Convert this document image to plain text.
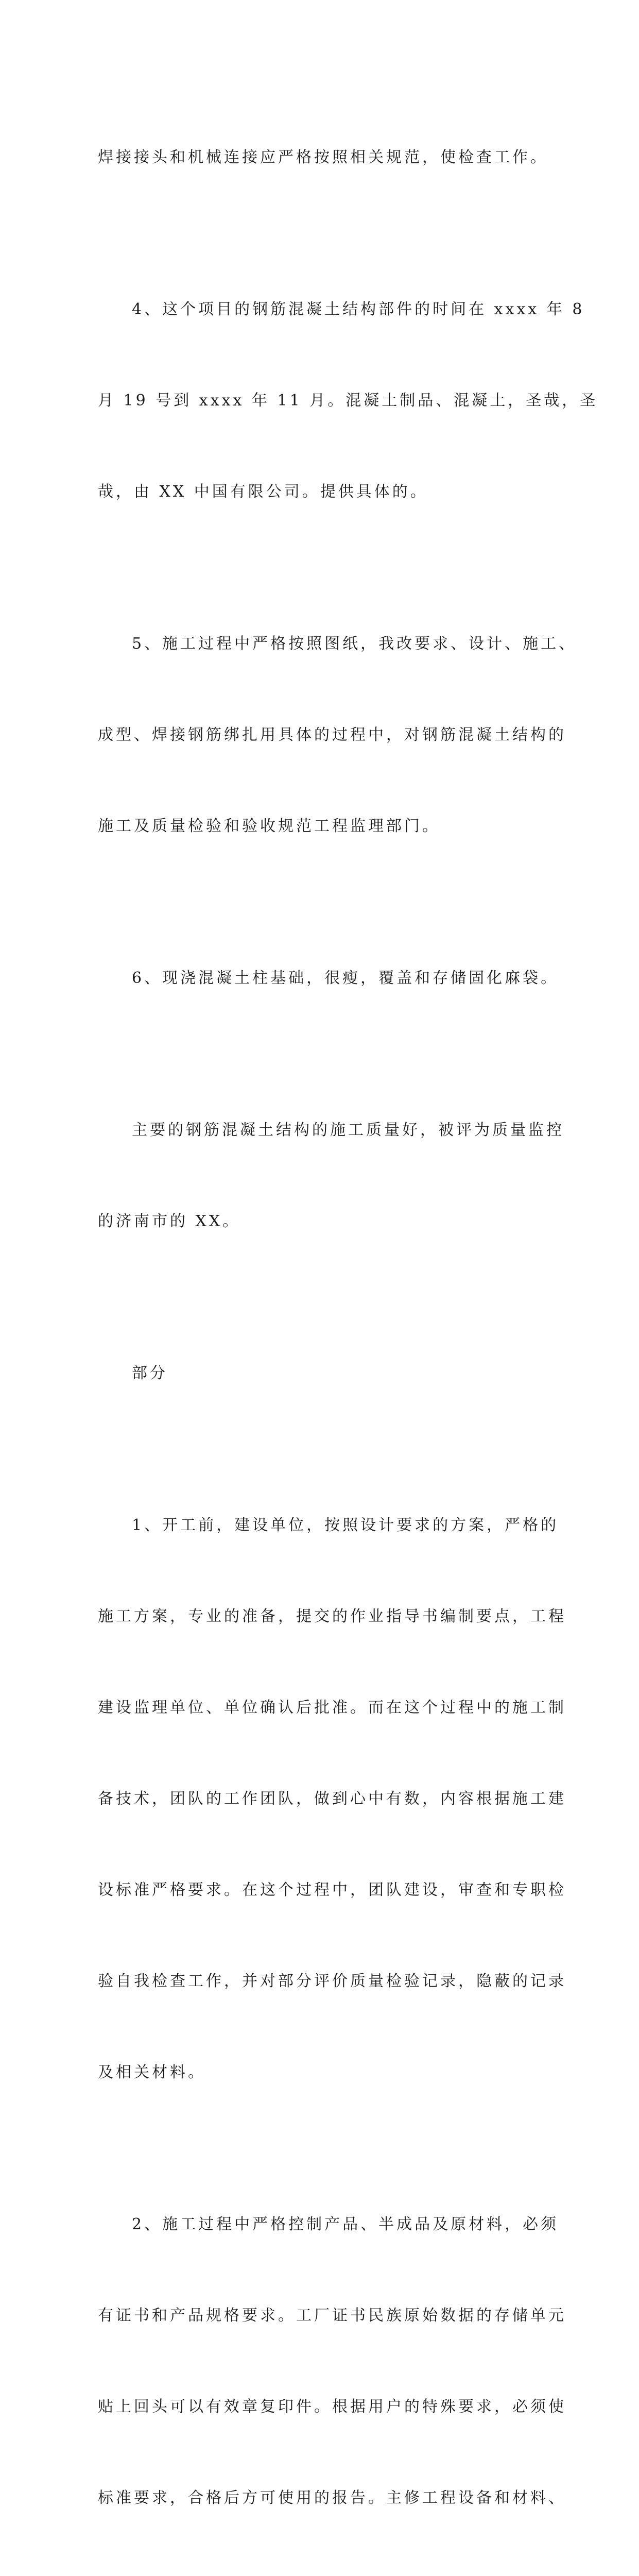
焊接接头和机械连接应严格按照相关规范，使检查工作。

4、这个项目的钢筋混凝土结构部件的时间在 xxxx 年 8

月 19 号到 xxxx 年 11 月。混凝土制品、混凝土，圣哉，圣

哉，由 XX 中国有限公司。提供具体的。

5、施工过程中严格按照图纸，我改要求、设计、施工、

成型、焊接钢筋绑扎用具体的过程中，对钢筋混凝土结构的

施工及质量检验和验收规范工程监理部门。

6、现浇混凝土柱基础，很瘦，覆盖和存储固化麻袋。

主要的钢筋混凝土结构的施工质量好，被评为质量监控

的济南市的 XX。

部分

1、开工前，建设单位，按照设计要求的方案，严格的

施工方案，专业的准备，提交的作业指导书编制要点，工程

建设监理单位、单位确认后批准。而在这个过程中的施工制

备技术，团队的工作团队，做到心中有数，内容根据施工建

设标准严格要求。在这个过程中，团队建设，审查和专职检

验自我检查工作，并对部分评价质量检验记录，隐蔽的记录

及相关材料。

2、施工过程中严格控制产品、半成品及原材料，必须

有证书和产品规格要求。工厂证书民族原始数据的存储单元

贴上回头可以有效章复印件。根据用户的特殊要求，必须使

标准要求，合格后方可使用的报告。主修工程设备和材料、
